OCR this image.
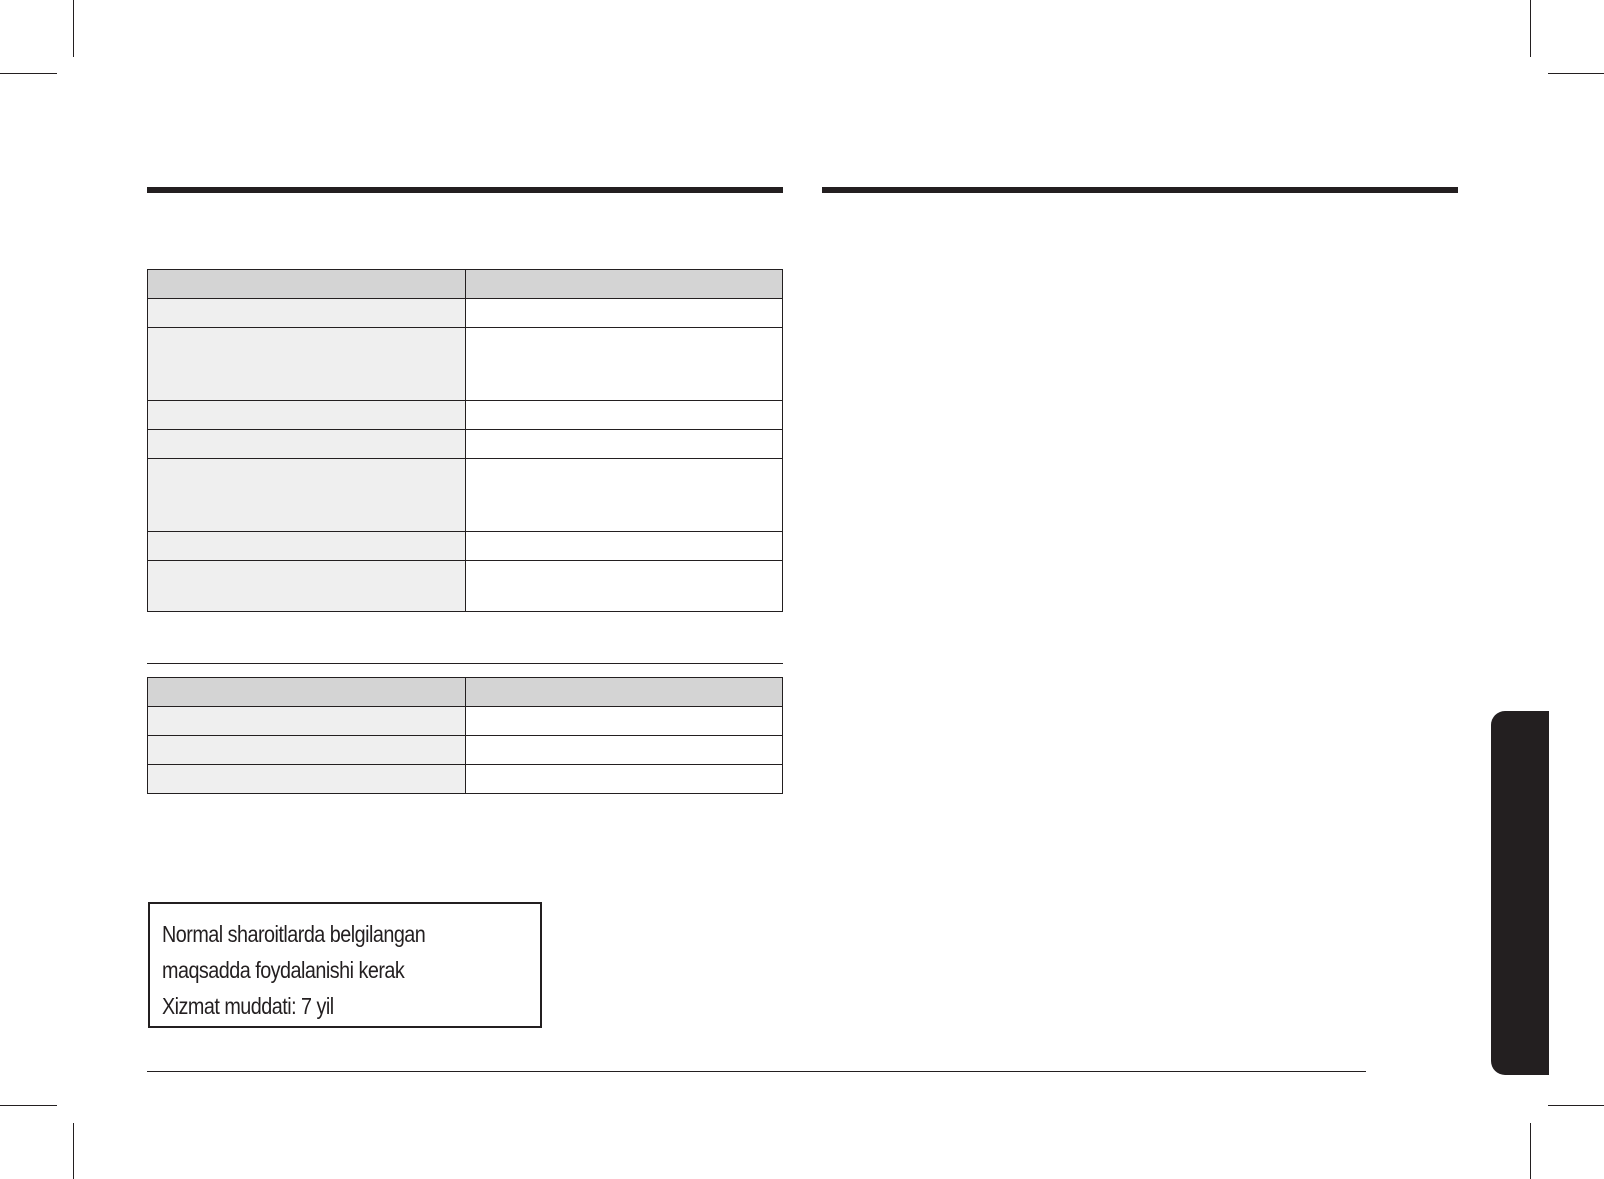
Normal sharoitlarda belgilangan
maqsadda foydalanishi kerak
Xizmat muddati: 7 yil
